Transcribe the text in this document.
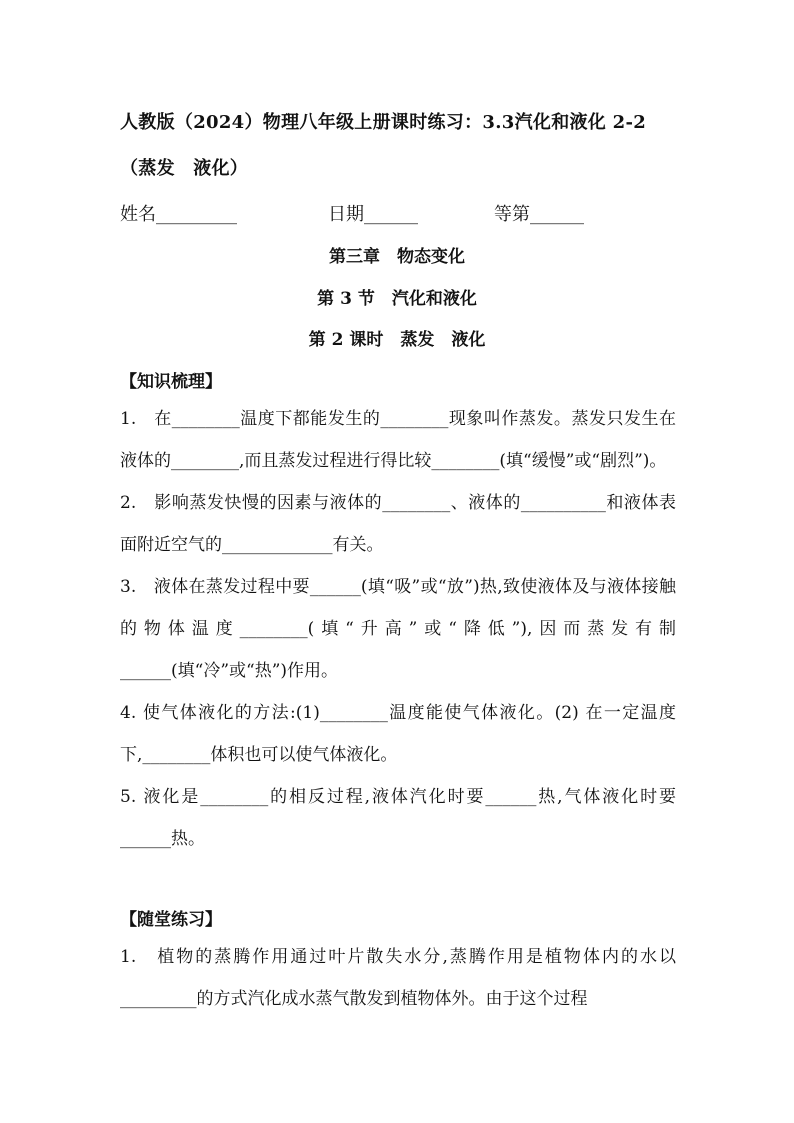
人教版（2024）物理八年级上册课时练习：3.3汽化和液化 2-2
（蒸发　液化）
姓名_________	日期______	等第______
第三章　物态变化
第 3 节　汽化和液化
第 2 课时　蒸发　液化
【知识梳理】

1.　在________温度下都能发生的________现象叫作蒸发。蒸发只发生在液体的________,而且蒸发过程进行得比较________(填“缓慢”或“剧烈”)。

2.　影响蒸发快慢的因素与液体的________、液体的__________和液体表面附近空气的_____________有关。

3.　液体在蒸发过程中要______(填“吸”或“放”)热,致使液体及与液体接触的物体温度________(填“升高”或“降低”),因而蒸发有制______(填“冷”或“热”)作用。

4. 使气体液化的方法:(1)________温度能使气体液化。(2) 在一定温度下,________体积也可以使气体液化。

5. 液化是________的相反过程,液体汽化时要______热,气体液化时要______热。

【随堂练习】

1.　植物的蒸腾作用通过叶片散失水分,蒸腾作用是植物体内的水以_________的方式汽化成水蒸气散发到植物体外。由于这个过程
